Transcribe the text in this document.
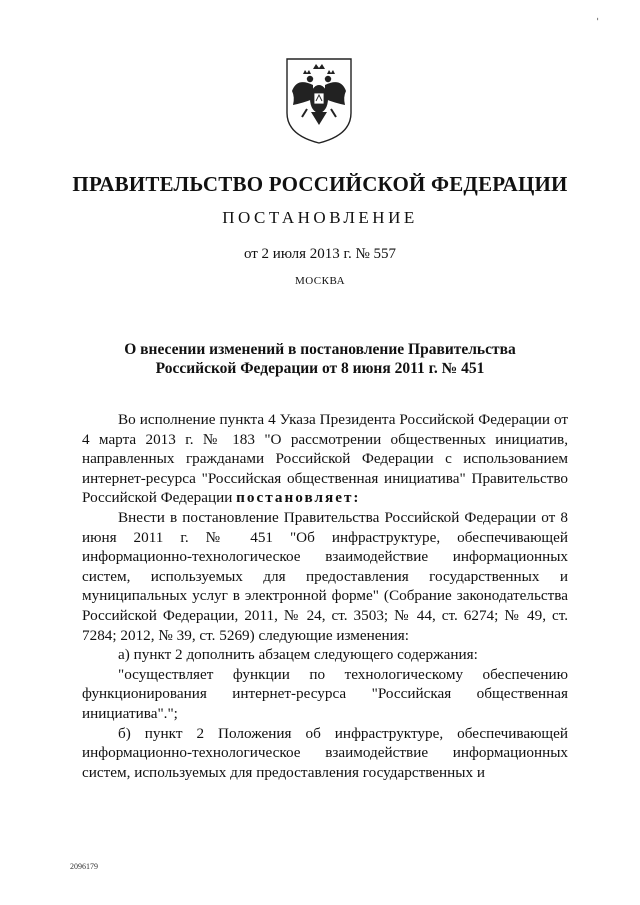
-
ПРАВИТЕЛЬСТВО РОССИЙСКОЙ ФЕДЕРАЦИИ
ПОСТАНОВЛЕНИЕ
от 2 июля 2013 г. № 557
МОСКВА
О внесении изменений в постановление Правительства
Российской Федерации от 8 июня 2011 г. № 451

Во исполнение пункта 4 Указа Президента Российской Федерации от 4 марта 2013 г. № 183 "О рассмотрении общественных инициатив, направленных гражданами Российской Федерации с использованием интернет-ресурса "Российская общественная инициатива" Правительство Российской Федерации постановляет:

Внести в постановление Правительства Российской Федерации от 8 июня 2011 г. № 451 "Об инфраструктуре, обеспечивающей информационно-технологическое взаимодействие информационных систем, используемых для предоставления государственных и муниципальных услуг в электронной форме" (Собрание законодательства Российской Федерации, 2011, № 24, ст. 3503; № 44, ст. 6274; № 49, ст. 7284; 2012, № 39, ст. 5269) следующие изменения:

а) пункт 2 дополнить абзацем следующего содержания:

"осуществляет функции по технологическому обеспечению функционирования интернет-ресурса "Российская общественная инициатива".";

б) пункт 2 Положения об инфраструктуре, обеспечивающей информационно-технологическое взаимодействие информационных систем, используемых для предоставления государственных и

2096179
